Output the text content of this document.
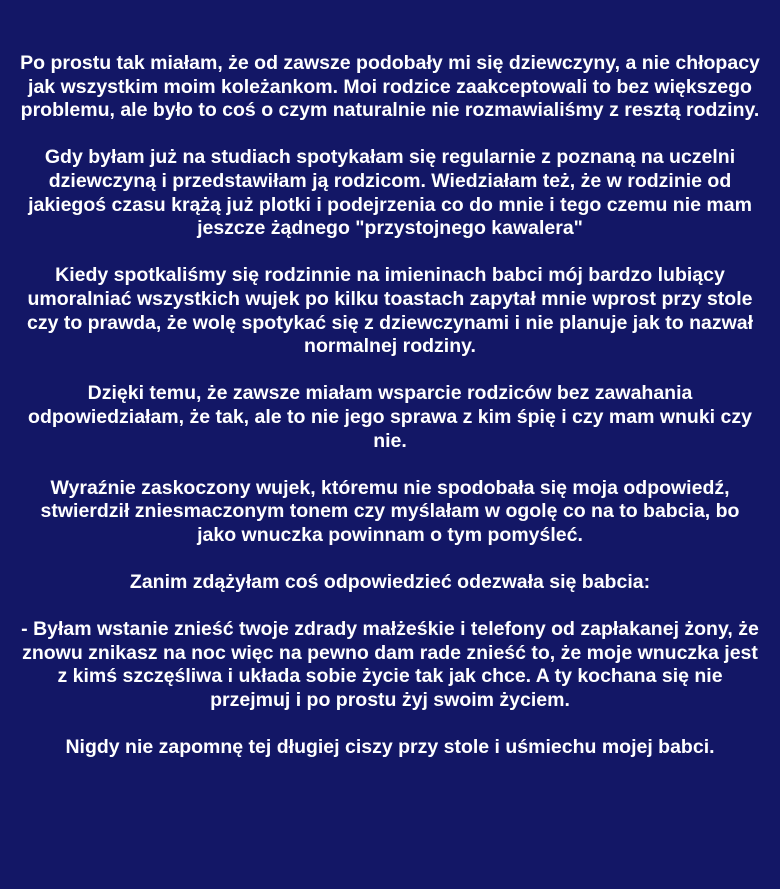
Po prostu tak miałam, że od zawsze podobały mi się dziewczyny, a nie chłopacy jak wszystkim moim koleżankom. Moi rodzice zaakceptowali to bez większego problemu, ale było to coś o czym naturalnie nie rozmawialiśmy z resztą rodziny.

Gdy byłam już na studiach spotykałam się regularnie z poznaną na uczelni dziewczyną i przedstawiłam ją rodzicom. Wiedziałam też, że w rodzinie od jakiegoś czasu krążą już plotki i podejrzenia co do mnie i tego czemu nie mam jeszcze żądnego "przystojnego kawalera"

Kiedy spotkaliśmy się rodzinnie na imieninach babci mój bardzo lubiący umoralniać wszystkich wujek po kilku toastach zapytał mnie wprost przy stole czy to prawda, że wolę spotykać się z dziewczynami i nie planuje jak to nazwał normalnej rodziny.

Dzięki temu, że zawsze miałam wsparcie rodziców bez zawahania odpowiedziałam, że tak, ale to nie jego sprawa z kim śpię i czy mam wnuki czy nie.

Wyraźnie zaskoczony wujek, któremu nie spodobała się moja odpowiedź, stwierdził zniesmaczonym tonem czy myślałam w ogolę co na to babcia, bo jako wnuczka powinnam o tym pomyśleć.

Zanim zdążyłam coś odpowiedzieć odezwała się babcia:

- Byłam wstanie znieść twoje zdrady małżeśkie i telefony od zapłakanej żony, że znowu znikasz na noc więc na pewno dam rade znieść to, że moje wnuczka jest z kimś szczęśliwa i układa sobie życie tak jak chce. A ty kochana się nie przejmuj i po prostu żyj swoim życiem.

Nigdy nie zapomnę tej długiej ciszy przy stole i uśmiechu mojej babci.
